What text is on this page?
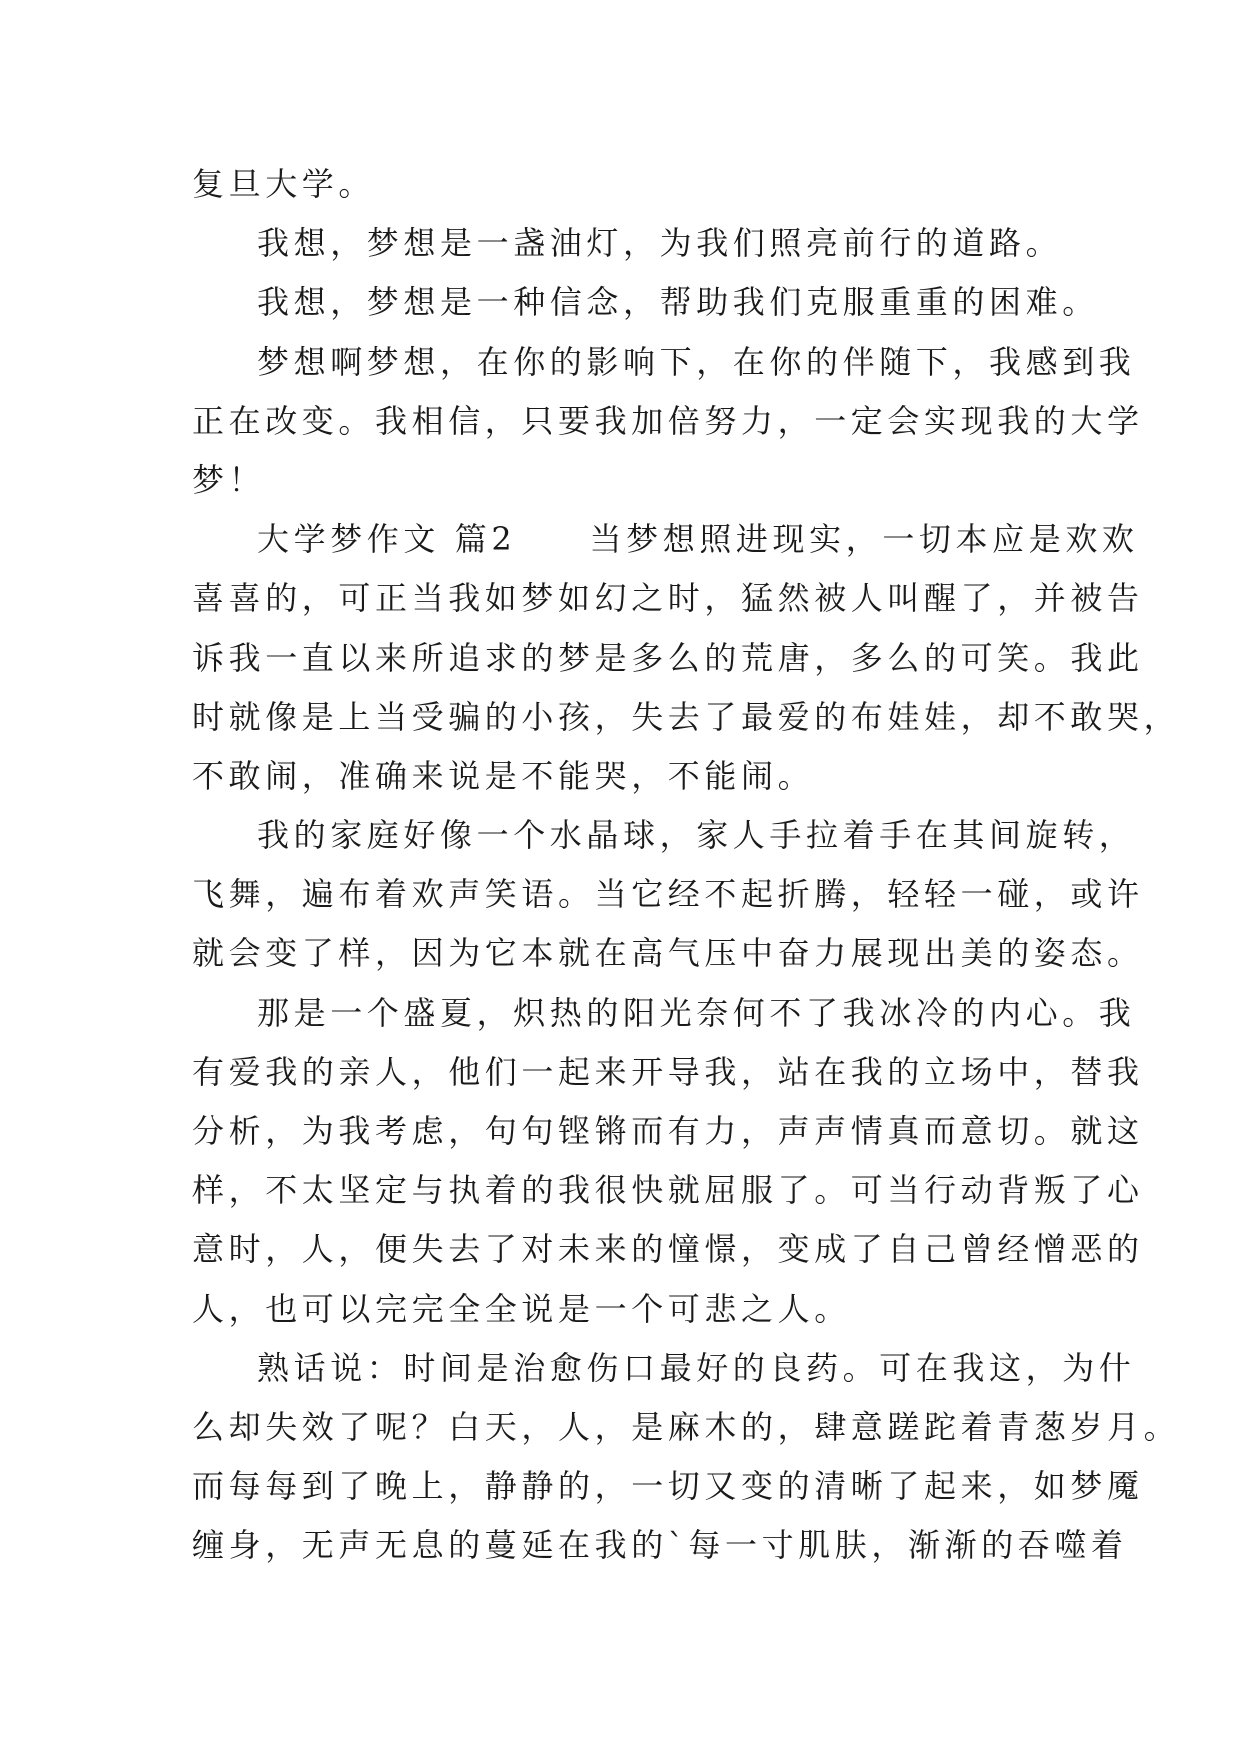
复旦大学。
我想，梦想是一盏油灯，为我们照亮前行的道路。
我想，梦想是一种信念，帮助我们克服重重的困难。
梦想啊梦想，在你的影响下，在你的伴随下，我感到我
正在改变。我相信，只要我加倍努力，一定会实现我的大学
梦！
大学梦作文 篇2　　当梦想照进现实，一切本应是欢欢
喜喜的，可正当我如梦如幻之时，猛然被人叫醒了，并被告
诉我一直以来所追求的梦是多么的荒唐，多么的可笑。我此
时就像是上当受骗的小孩，失去了最爱的布娃娃，却不敢哭，
不敢闹，准确来说是不能哭，不能闹。
我的家庭好像一个水晶球，家人手拉着手在其间旋转，
飞舞，遍布着欢声笑语。当它经不起折腾，轻轻一碰，或许
就会变了样，因为它本就在高气压中奋力展现出美的姿态。
那是一个盛夏，炽热的阳光奈何不了我冰冷的内心。我
有爱我的亲人，他们一起来开导我，站在我的立场中，替我
分析，为我考虑，句句铿锵而有力，声声情真而意切。就这
样，不太坚定与执着的我很快就屈服了。可当行动背叛了心
意时，人，便失去了对未来的憧憬，变成了自己曾经憎恶的
人，也可以完完全全说是一个可悲之人。
熟话说：时间是治愈伤口最好的良药。可在我这，为什
么却失效了呢？白天，人，是麻木的，肆意蹉跎着青葱岁月。
而每每到了晚上，静静的，一切又变的清晰了起来，如梦魇
缠身，无声无息的蔓延在我的`每一寸肌肤，渐渐的吞噬着
